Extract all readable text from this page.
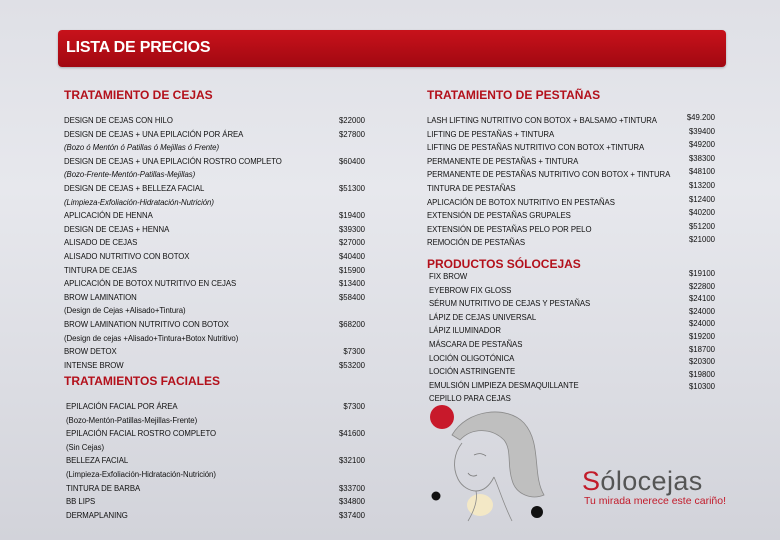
LISTA DE PRECIOS
TRATAMIENTO DE CEJAS
TRATAMIENTOS FACIALES
TRATAMIENTO DE PESTAÑAS
PRODUCTOS SÓLOCEJAS
DESIGN DE CEJAS CON HILO
DESIGN DE CEJAS + UNA EPILACIÓN POR ÁREA
(Bozo ó Mentón ó Patillas ó Mejillas ó Frente)
DESIGN DE CEJAS + UNA EPILACIÓN ROSTRO COMPLETO
(Bozo-Frente-Mentón-Patillas-Mejillas)
DESIGN DE CEJAS + BELLEZA FACIAL
(Limpieza-Exfoliación-Hidratación-Nutrición)
APLICACIÓN DE HENNA
DESIGN DE CEJAS + HENNA
ALISADO DE CEJAS
ALISADO NUTRITIVO CON BOTOX
TINTURA DE CEJAS
APLICACIÓN DE BOTOX NUTRITIVO EN CEJAS
BROW LAMINATION
(Design de Cejas +Alisado+Tintura)
BROW LAMINATION NUTRITIVO CON BOTOX
(Design de cejas +Alisado+Tintura+Botox Nutritivo)
BROW DETOX
INTENSE BROW
$22000
$27800
$60400
$51300
$19400
$39300
$27000
$40400
$15900
$13400
$58400
$68200
$7300
$53200
EPILACIÓN FACIAL POR ÁREA
(Bozo-Mentón-Patillas-Mejillas-Frente)
EPILACIÓN FACIAL ROSTRO COMPLETO
(Sin Cejas)
BELLEZA FACIAL
(Limpieza-Exfoliación-Hidratación-Nutrición)
TINTURA DE BARBA
BB LIPS
DERMAPLANING
$7300
$41600
$32100
$33700
$34800
$37400
LASH LIFTING NUTRITIVO CON BOTOX + BALSAMO +TINTURA
LIFTING DE PESTAÑAS + TINTURA
LIFTING DE PESTAÑAS NUTRITIVO CON BOTOX +TINTURA
PERMANENTE DE PESTAÑAS + TINTURA
PERMANENTE DE PESTAÑAS NUTRITIVO CON BOTOX + TINTURA
TINTURA DE PESTAÑAS
APLICACIÓN DE BOTOX NUTRITIVO EN PESTAÑAS
EXTENSIÓN DE PESTAÑAS GRUPALES
EXTENSIÓN DE PESTAÑAS PELO POR PELO
REMOCIÓN DE PESTAÑAS
$49.200
$39400
$49200
$38300
$48100
$13200
$12400
$40200
$51200
$21000
FIX BROW
EYEBROW FIX GLOSS
SÉRUM NUTRITIVO DE CEJAS Y PESTAÑAS
LÁPIZ DE CEJAS UNIVERSAL
LÁPIZ ILUMINADOR
MÁSCARA DE PESTAÑAS
LOCIÓN OLIGOTÓNICA
LOCIÓN ASTRINGENTE
EMULSIÓN LIMPIEZA DESMAQUILLANTE
CEPILLO PARA CEJAS
$19100
$22800
$24100
$24000
$24000
$19200
$18700
$20300
$19800
$10300
Sólocejas
Tu mirada merece este cariño!
